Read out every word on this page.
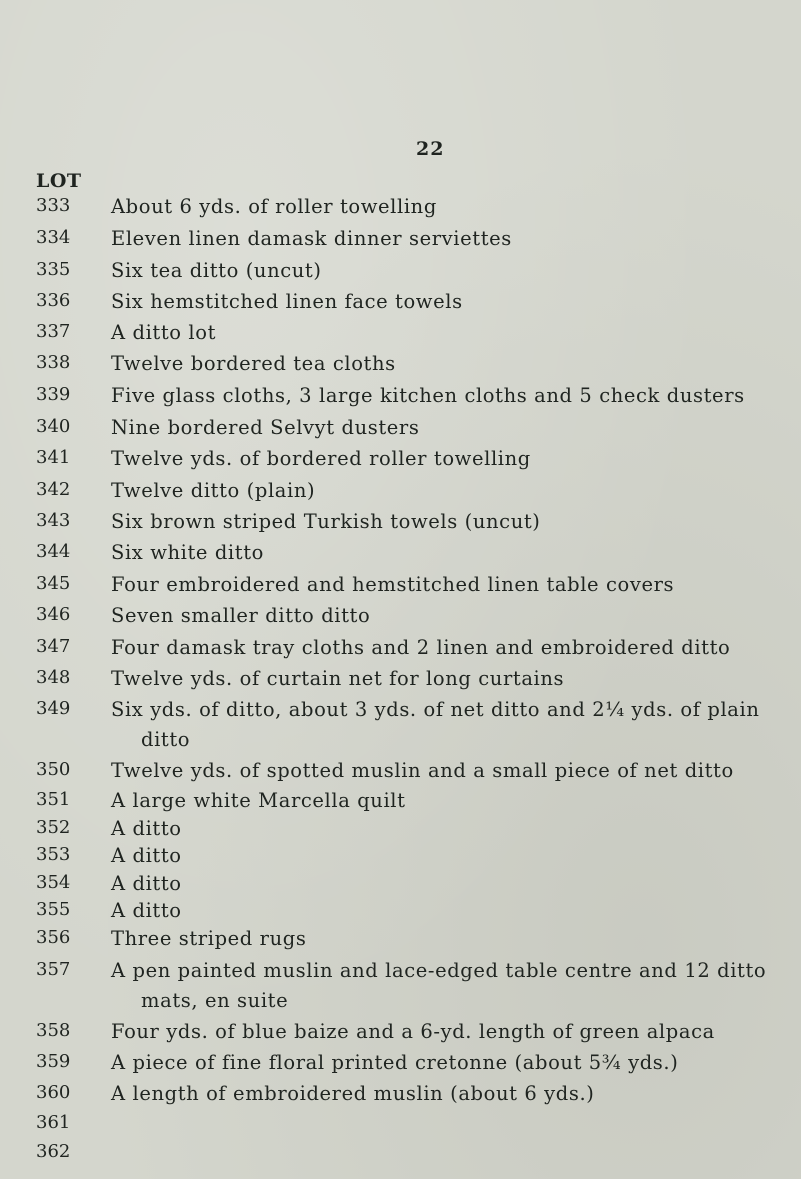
22
LOT
333	About 6 yds. of roller towelling
334	Eleven linen damask dinner serviettes
335	Six tea ditto (uncut)
336	Six hemstitched linen face towels
337	A ditto lot
338	Twelve bordered tea cloths
339	Five glass cloths, 3 large kitchen cloths and 5 check dusters
340	Nine bordered Selvyt dusters
341	Twelve yds. of bordered roller towelling
342	Twelve ditto (plain)
343	Six brown striped Turkish towels (uncut)
344	Six white ditto
345	Four embroidered and hemstitched linen table covers
346	Seven smaller ditto ditto
347	Four damask tray cloths and 2 linen and embroidered ditto
348	Twelve yds. of curtain net for long curtains
349	Six yds. of ditto, about 3 yds. of net ditto and 2¼ yds. of plain
ditto
350	Twelve yds. of spotted muslin and a small piece of net ditto
351	A large white Marcella quilt
352	A ditto
353	A ditto
354	A ditto
355	A ditto
356	Three striped rugs
357	A pen painted muslin and lace-edged table centre and 12 ditto
mats, en suite
358	Four yds. of blue baize and a 6-yd. length of green alpaca
359	A piece of fine floral printed cretonne (about 5¾ yds.)
360	A length of embroidered muslin (about 6 yds.)
361
362
